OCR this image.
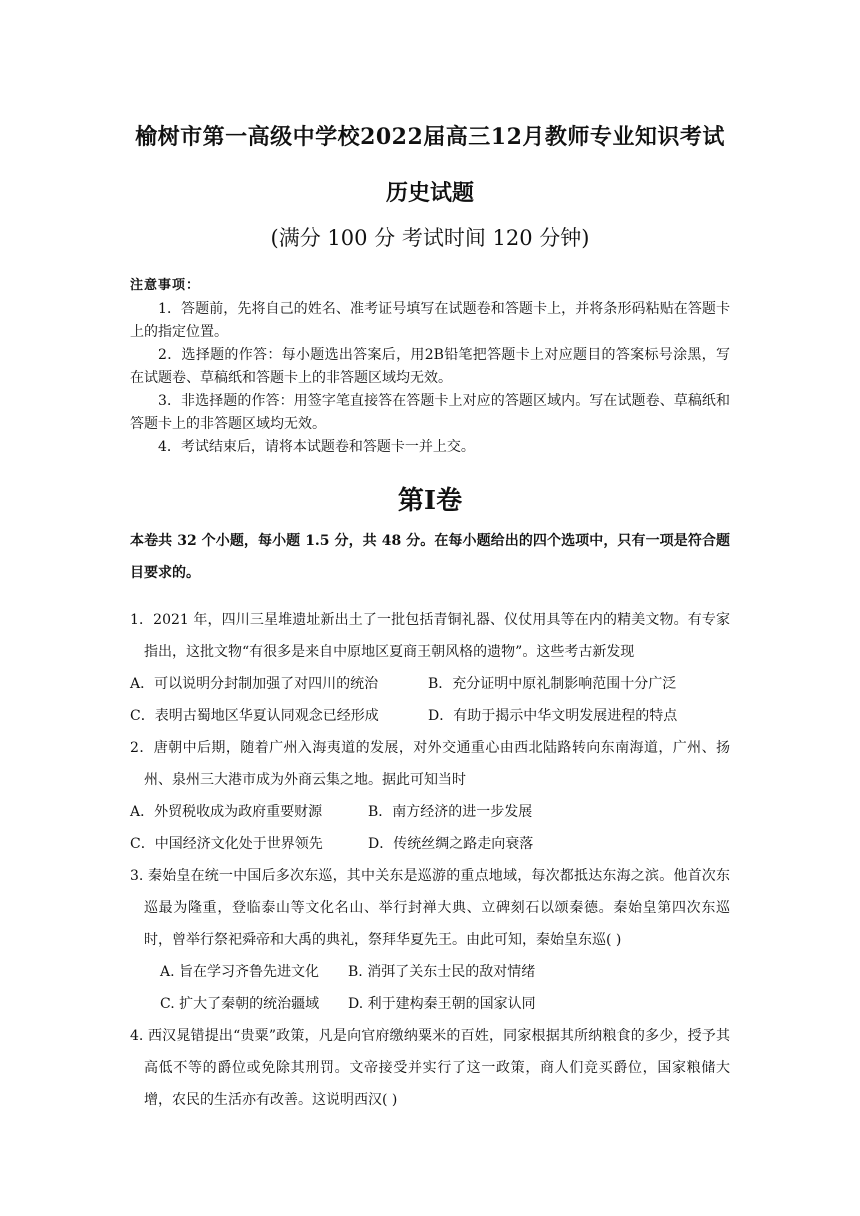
榆树市第一高级中学校2022届高三12月教师专业知识考试
历史试题
(满分 100 分 考试时间 120 分钟)
注意事项：

1．答题前，先将自己的姓名、准考证号填写在试题卷和答题卡上，并将条形码粘贴在答题卡上的指定位置。

2．选择题的作答：每小题选出答案后，用2B铅笔把答题卡上对应题目的答案标号涂黑，写在试题卷、草稿纸和答题卡上的非答题区域均无效。

3．非选择题的作答：用签字笔直接答在答题卡上对应的答题区域内。写在试题卷、草稿纸和答题卡上的非答题区域均无效。

4．考试结束后，请将本试题卷和答题卡一并上交。

第Ⅰ卷
本卷共 32 个小题，每小题 1.5 分，共 48 分。在每小题给出的四个选项中，只有一项是符合题目要求的。

1．2021 年，四川三星堆遗址新出土了一批包括青铜礼器、仪仗用具等在内的精美文物。有专家指出，这批文物“有很多是来自中原地区夏商王朝风格的遗物”。这些考古新发现

A．可以说明分封制加强了对四川的统治	B．充分证明中原礼制影响范围十分广泛

C．表明古蜀地区华夏认同观念已经形成	D．有助于揭示中华文明发展进程的特点

2．唐朝中后期，随着广州入海夷道的发展，对外交通重心由西北陆路转向东南海道，广州、扬州、泉州三大港市成为外商云集之地。据此可知当时

A．外贸税收成为政府重要财源	B．南方经济的进一步发展

C．中国经济文化处于世界领先	D．传统丝绸之路走向衰落

3. 秦始皇在统一中国后多次东巡，其中关东是巡游的重点地域，每次都抵达东海之滨。他首次东巡最为隆重，登临泰山等文化名山、举行封禅大典、立碑刻石以颂秦德。秦始皇第四次东巡时，曾举行祭祀舜帝和大禹的典礼，祭拜华夏先王。由此可知，秦始皇东巡( )

A. 旨在学习齐鲁先进文化 B. 消弭了关东士民的敌对情绪

C. 扩大了秦朝的统治疆域 D. 利于建构秦王朝的国家认同

4. 西汉晁错提出“贵粟”政策，凡是向官府缴纳粟米的百姓，同家根据其所纳粮食的多少，授予其高低不等的爵位或免除其刑罚。文帝接受并实行了这一政策，商人们竞买爵位，国家粮储大增，农民的生活亦有改善。这说明西汉( )
